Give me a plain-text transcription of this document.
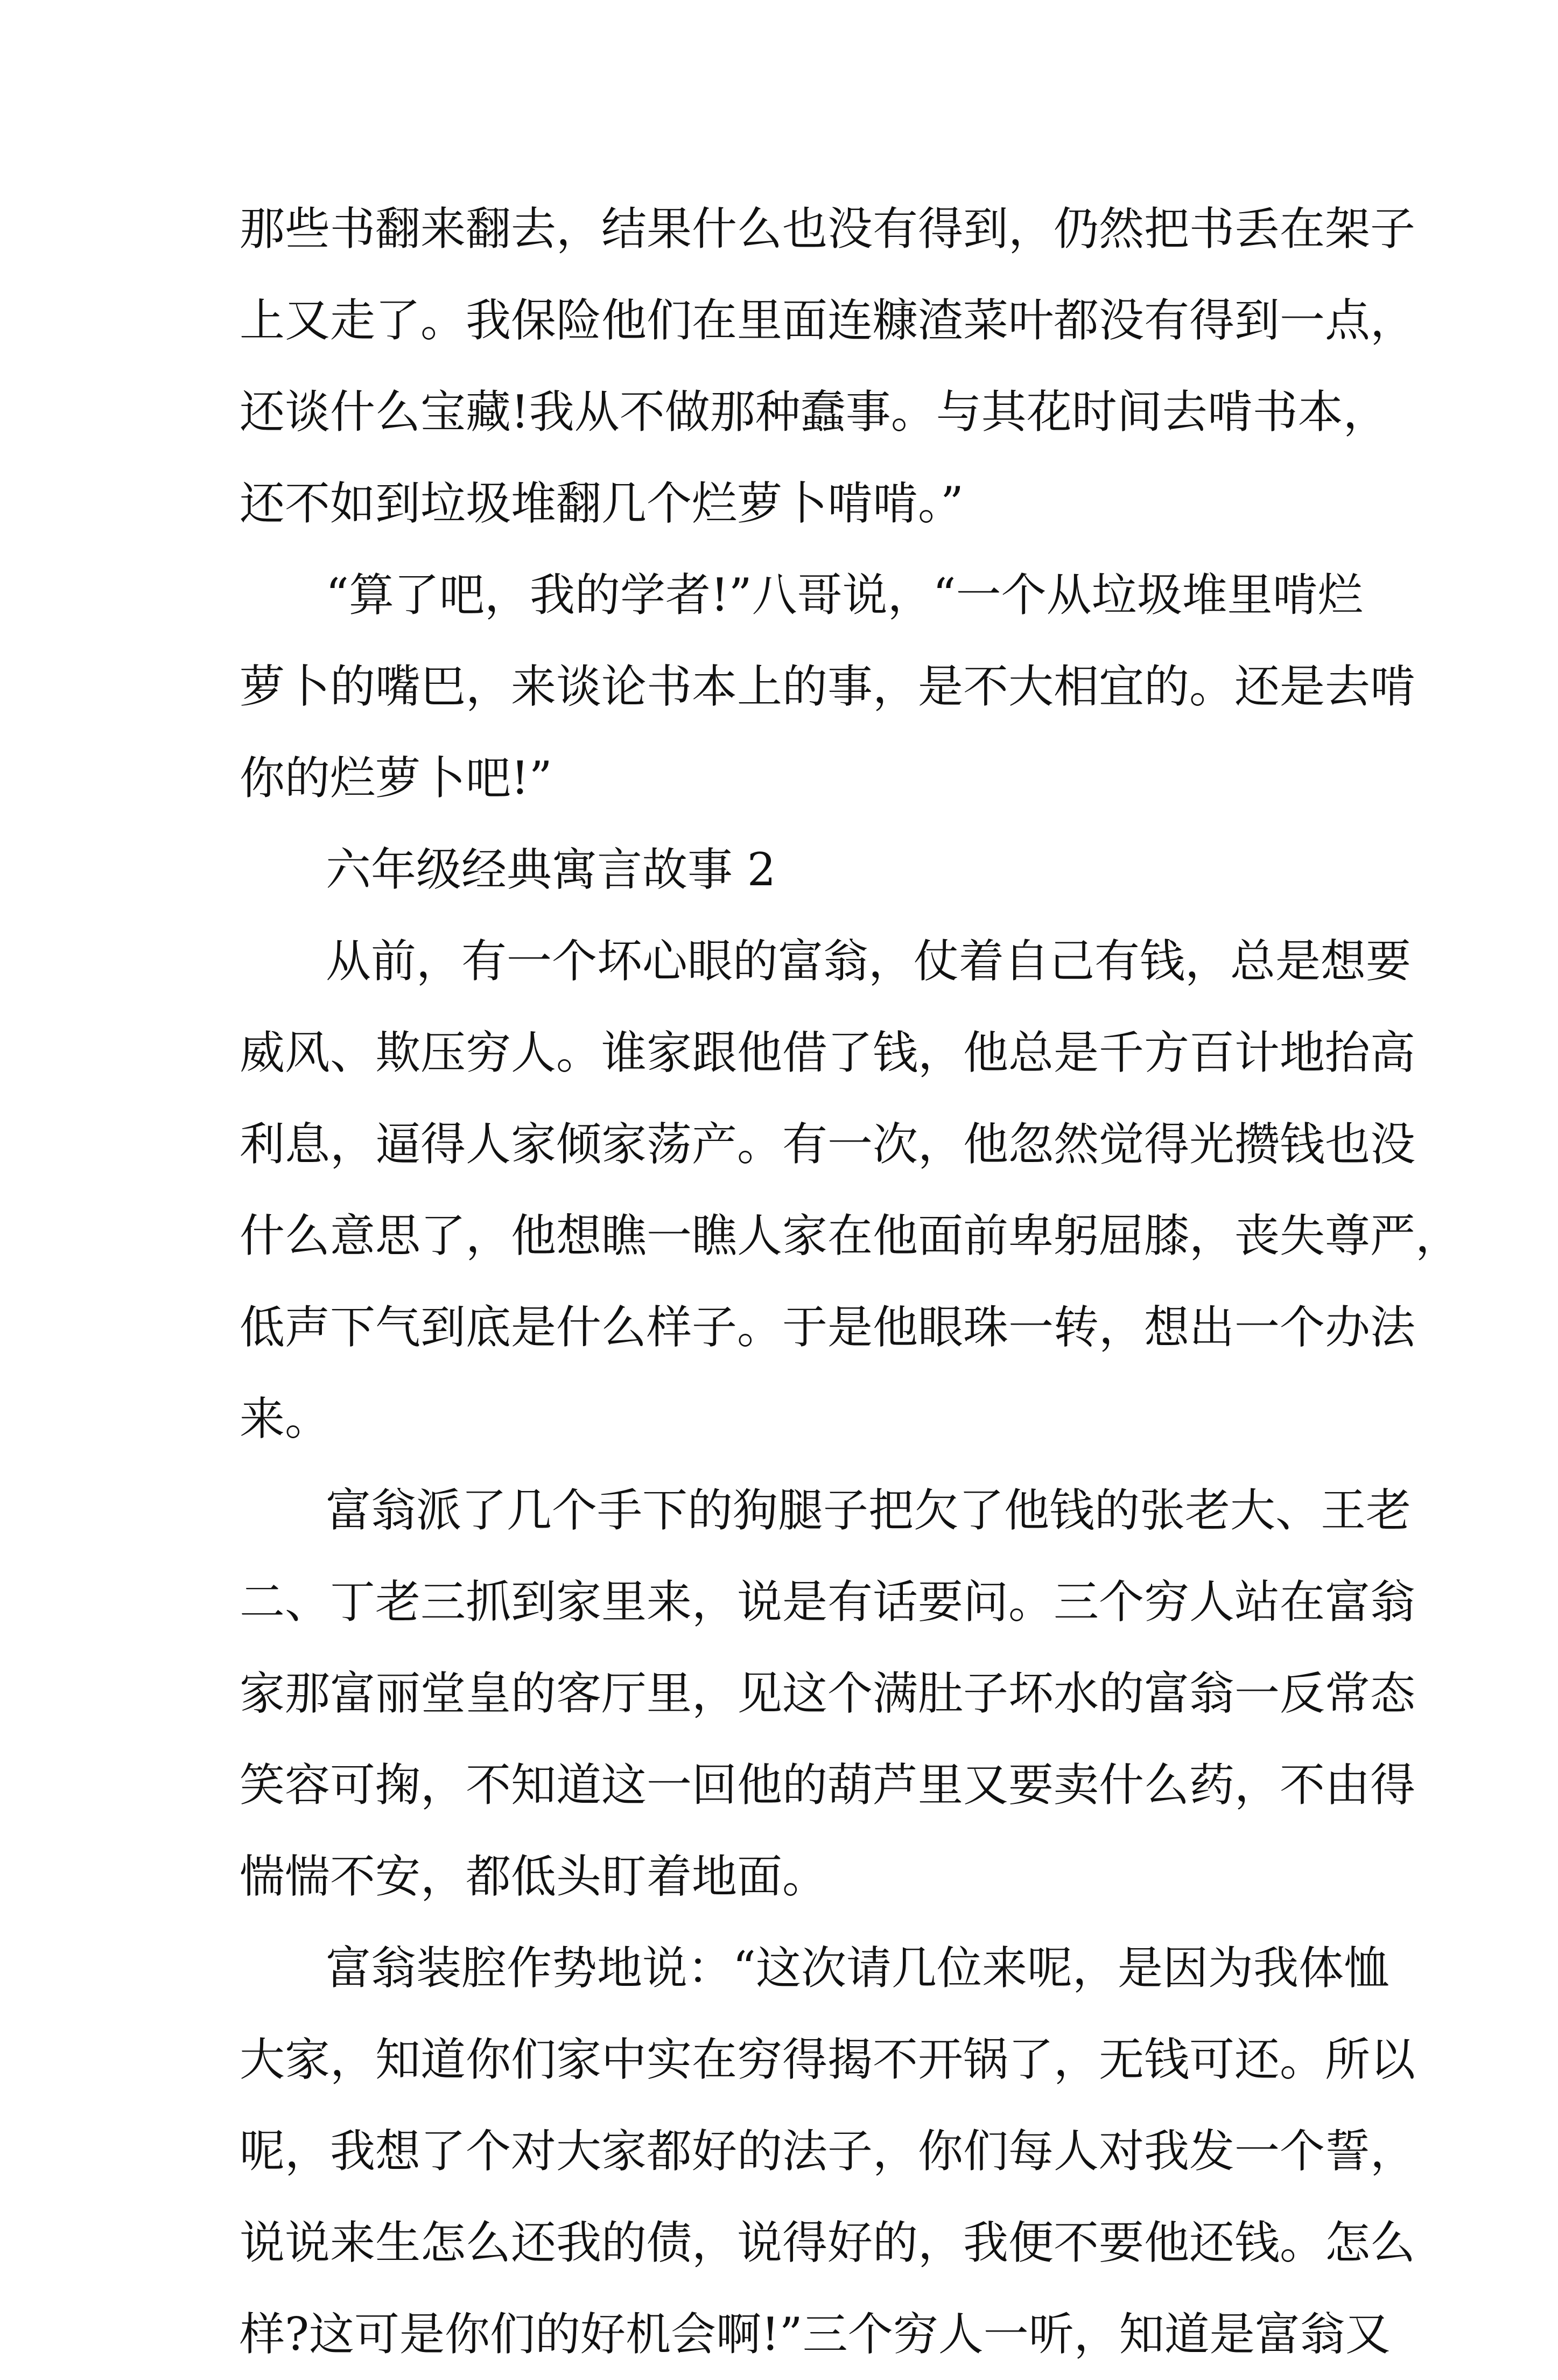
那些书翻来翻去，结果什么也没有得到，仍然把书丢在架子
上又走了。我保险他们在里面连糠渣菜叶都没有得到一点，
还谈什么宝藏!我从不做那种蠢事。与其花时间去啃书本，
还不如到垃圾堆翻几个烂萝卜啃啃。”
“算了吧，我的学者!”八哥说，“一个从垃圾堆里啃烂
萝卜的嘴巴，来谈论书本上的事，是不大相宜的。还是去啃
你的烂萝卜吧!”
六年级经典寓言故事 2
从前，有一个坏心眼的富翁，仗着自己有钱，总是想要
威风、欺压穷人。谁家跟他借了钱，他总是千方百计地抬高
利息，逼得人家倾家荡产。有一次，他忽然觉得光攒钱也没
什么意思了，他想瞧一瞧人家在他面前卑躬屈膝，丧失尊严，
低声下气到底是什么样子。于是他眼珠一转，想出一个办法
来。
富翁派了几个手下的狗腿子把欠了他钱的张老大、王老
二、丁老三抓到家里来，说是有话要问。三个穷人站在富翁
家那富丽堂皇的客厅里，见这个满肚子坏水的富翁一反常态
笑容可掬，不知道这一回他的葫芦里又要卖什么药，不由得
惴惴不安，都低头盯着地面。
富翁装腔作势地说：“这次请几位来呢，是因为我体恤
大家，知道你们家中实在穷得揭不开锅了，无钱可还。所以
呢，我想了个对大家都好的法子，你们每人对我发一个誓，
说说来生怎么还我的债，说得好的，我便不要他还钱。怎么
样?这可是你们的好机会啊!”三个穷人一听，知道是富翁又
